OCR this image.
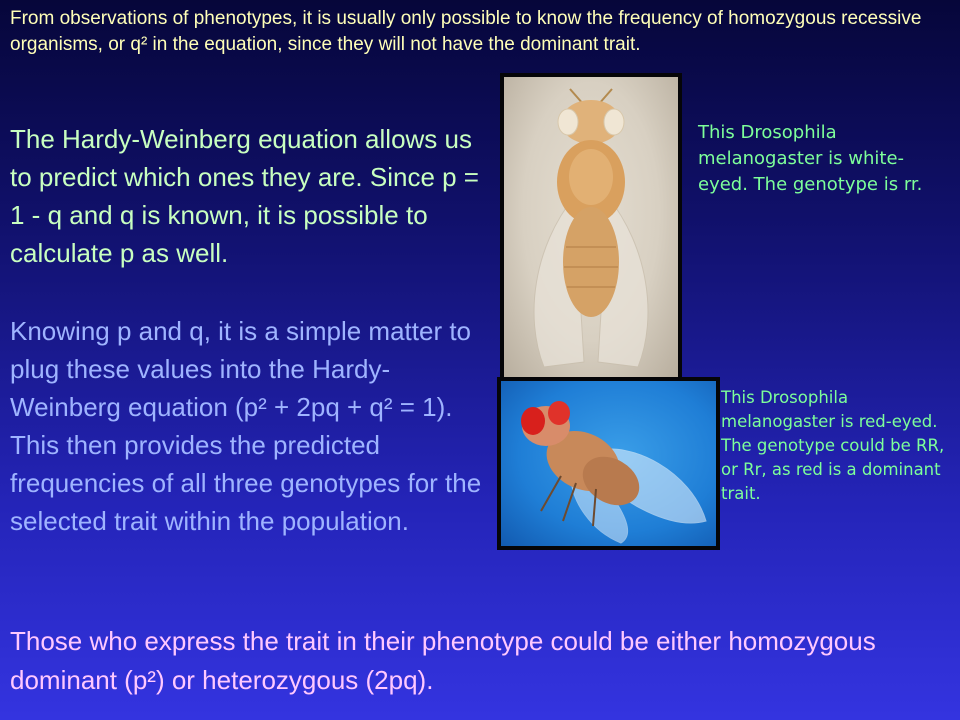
From observations of phenotypes, it is usually only possible to know the frequency of homozygous recessive organisms, or q² in the equation, since they will not have the dominant trait.

The Hardy-Weinberg equation allows us to predict which ones they are. Since p = 1 - q and q is known, it is possible to calculate p as well.

Knowing p and q, it is a simple matter to plug these values into the Hardy-Weinberg equation (p² + 2pq + q² = 1). This then provides the predicted frequencies of all three genotypes for the selected trait within the population.

Those who express the trait in their phenotype could be either homozygous dominant (p²) or heterozygous (2pq).

This Drosophila melanogaster is white-eyed. The genotype is rr.

This Drosophila melanogaster is red-eyed. The genotype could be RR, or Rr, as red is a dominant trait.
